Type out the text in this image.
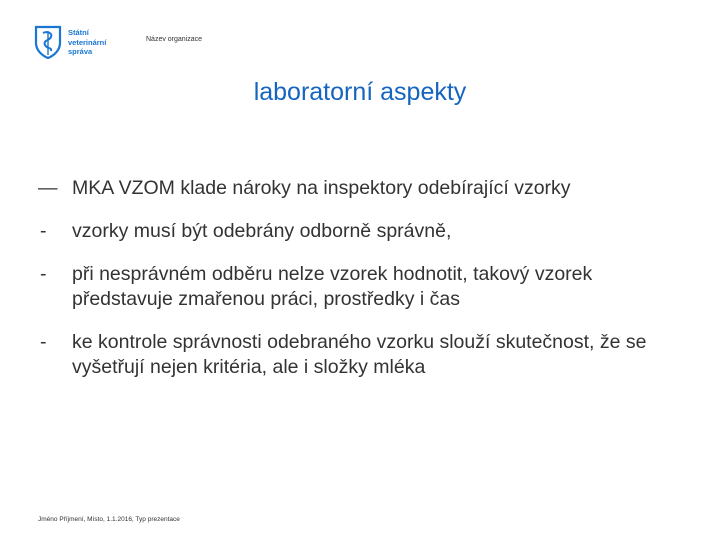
Státní
veterinární
správa
Název organizace
laboratorní aspekty
— MKA VZOM klade nároky na inspektory odebírající vzorky
- vzorky musí být odebrány odborně správně,
- při nesprávném odběru nelze vzorek hodnotit, takový vzorek představuje zmařenou práci, prostředky i čas
- ke kontrole správnosti odebraného vzorku slouží skutečnost, že se vyšetřují nejen kritéria, ale i složky mléka
Jméno Příjmení, Místo, 1.1.2016, Typ prezentace
